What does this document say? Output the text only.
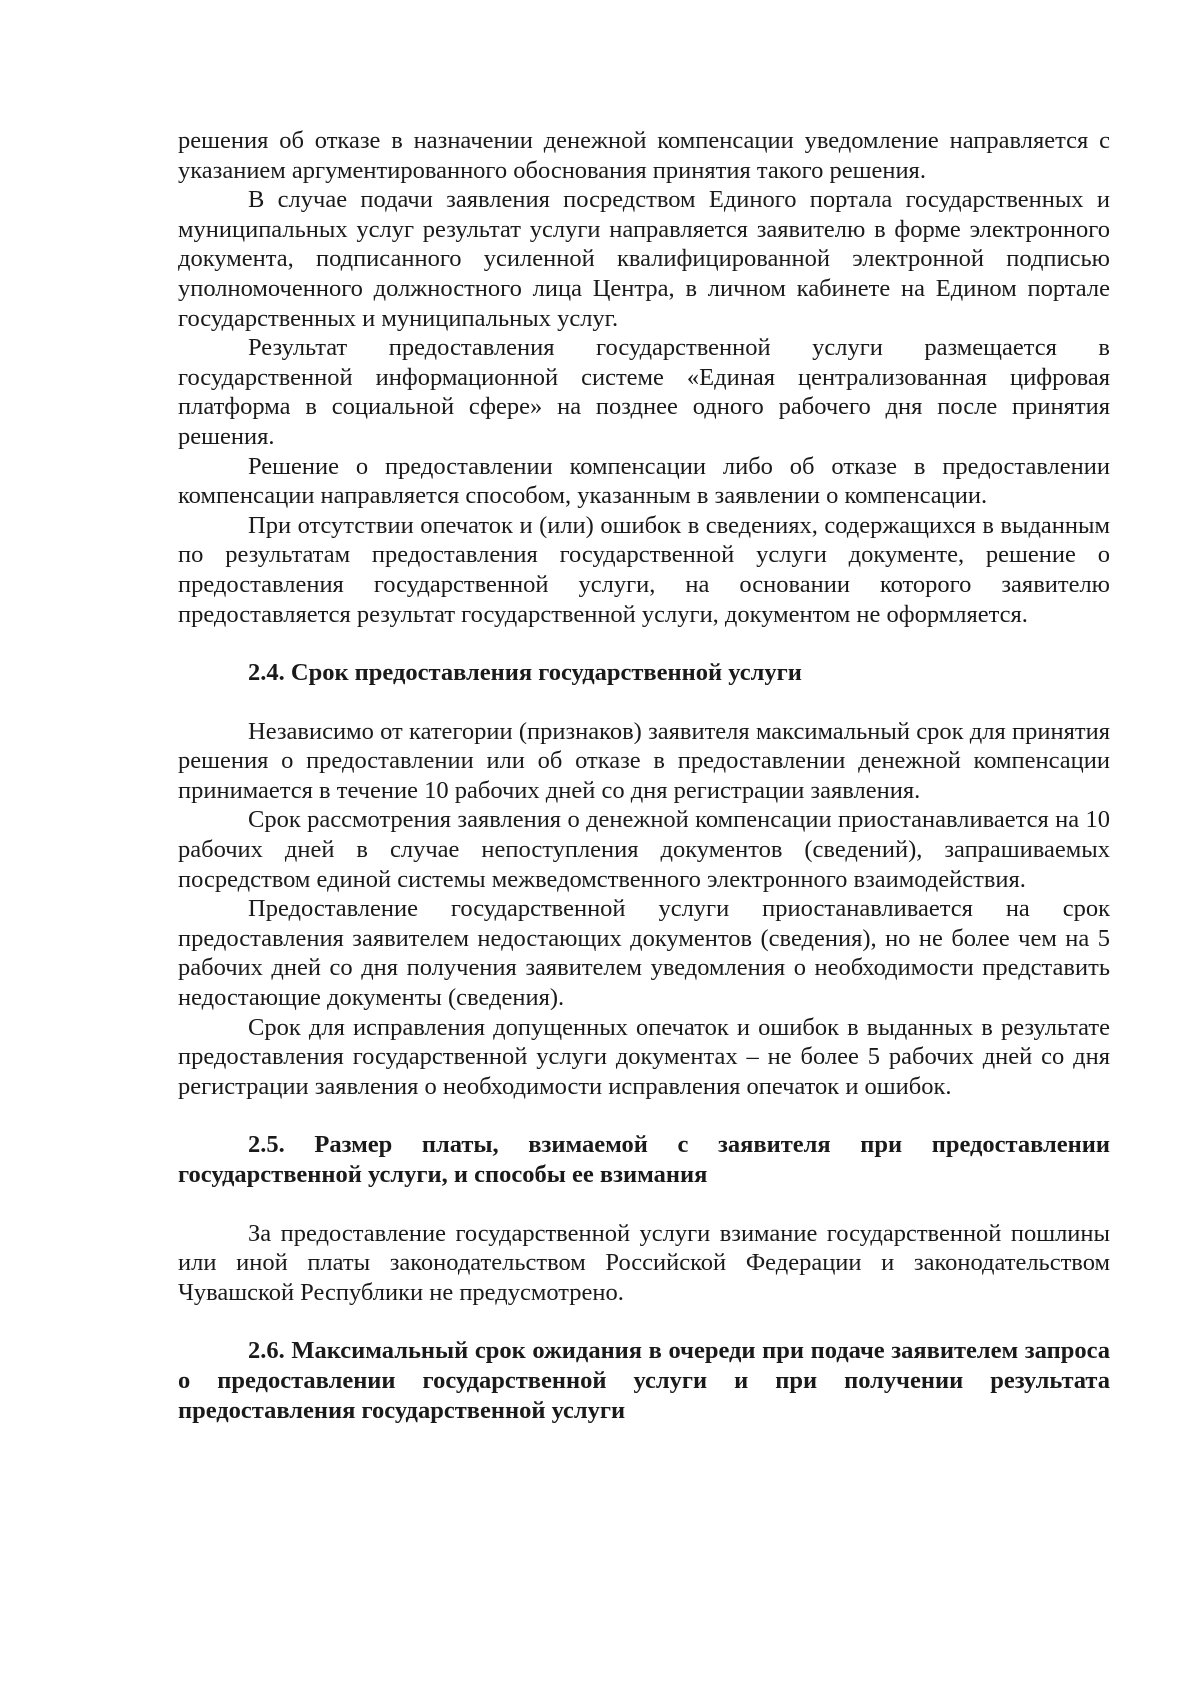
решения об отказе в назначении денежной компенсации уведомление направляется с указанием аргументированного обоснования принятия такого решения.

В случае подачи заявления посредством Единого портала государственных и муниципальных услуг результат услуги направляется заявителю в форме электронного документа, подписанного усиленной квалифицированной электронной подписью уполномоченного должностного лица Центра, в личном кабинете на Едином портале государственных и муниципальных услуг.

Результат предоставления государственной услуги размещается в государственной информационной системе «Единая централизованная цифровая платформа в социальной сфере» на позднее одного рабочего дня после принятия решения.

Решение о предоставлении компенсации либо об отказе в предоставлении компенсации направляется способом, указанным в заявлении о компенсации.

При отсутствии опечаток и (или) ошибок в сведениях, содержащихся в выданным по результатам предоставления государственной услуги документе, решение о предоставления государственной услуги, на основании которого заявителю предоставляется результат государственной услуги, документом не оформляется.

2.4. Срок предоставления государственной услуги

Независимо от категории (признаков) заявителя максимальный срок для принятия решения о предоставлении или об отказе в предоставлении денежной компенсации принимается в течение 10 рабочих дней со дня регистрации заявления.

Срок рассмотрения заявления о денежной компенсации приостанавливается на 10 рабочих дней в случае непоступления документов (сведений), запрашиваемых посредством единой системы межведомственного электронного взаимодействия.

Предоставление государственной услуги приостанавливается на срок предоставления заявителем недостающих документов (сведения), но не более чем на 5 рабочих дней со дня получения заявителем уведомления о необходимости представить недостающие документы (сведения).

Срок для исправления допущенных опечаток и ошибок в выданных в результате предоставления государственной услуги документах – не более 5 рабочих дней со дня регистрации заявления о необходимости исправления опечаток и ошибок.

2.5. Размер платы, взимаемой с заявителя при предоставлении государственной услуги, и способы ее взимания

За предоставление государственной услуги взимание государственной пошлины или иной платы законодательством Российской Федерации и законодательством Чувашской Республики не предусмотрено.

2.6. Максимальный срок ожидания в очереди при подаче заявителем запроса о предоставлении государственной услуги и при получении результата предоставления государственной услуги
